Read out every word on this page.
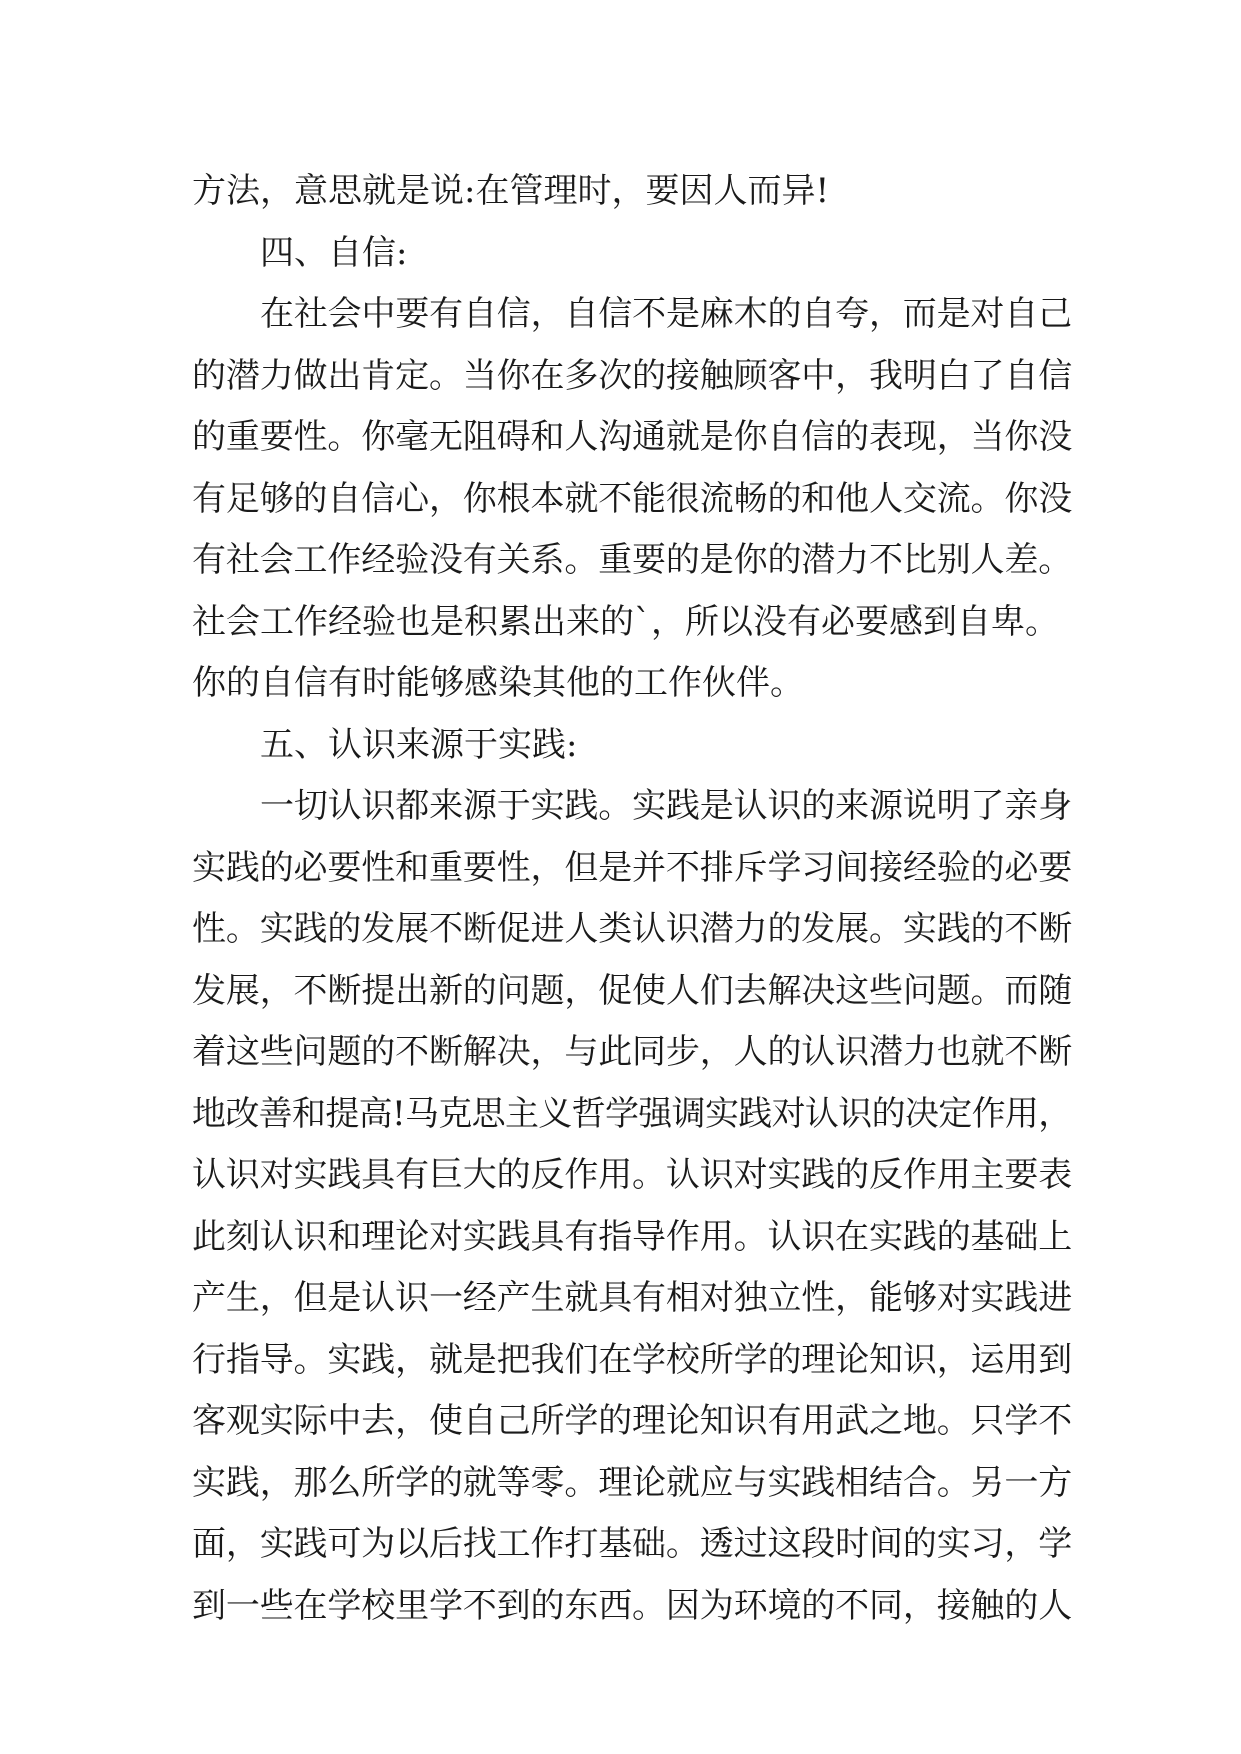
方法，意思就是说:在管理时，要因人而异!
四、自信:
在社会中要有自信，自信不是麻木的自夸，而是对自己
的潜力做出肯定。当你在多次的接触顾客中，我明白了自信
的重要性。你毫无阻碍和人沟通就是你自信的表现，当你没
有足够的自信心，你根本就不能很流畅的和他人交流。你没
有社会工作经验没有关系。重要的是你的潜力不比别人差。
社会工作经验也是积累出来的`，所以没有必要感到自卑。
你的自信有时能够感染其他的工作伙伴。
五、认识来源于实践:
一切认识都来源于实践。实践是认识的来源说明了亲身
实践的必要性和重要性，但是并不排斥学习间接经验的必要
性。实践的发展不断促进人类认识潜力的发展。实践的不断
发展，不断提出新的问题，促使人们去解决这些问题。而随
着这些问题的不断解决，与此同步，人的认识潜力也就不断
地改善和提高!马克思主义哲学强调实践对认识的决定作用，
认识对实践具有巨大的反作用。认识对实践的反作用主要表
此刻认识和理论对实践具有指导作用。认识在实践的基础上
产生，但是认识一经产生就具有相对独立性，能够对实践进
行指导。实践，就是把我们在学校所学的理论知识，运用到
客观实际中去，使自己所学的理论知识有用武之地。只学不
实践，那么所学的就等零。理论就应与实践相结合。另一方
面，实践可为以后找工作打基础。透过这段时间的实习，学
到一些在学校里学不到的东西。因为环境的不同，接触的人
